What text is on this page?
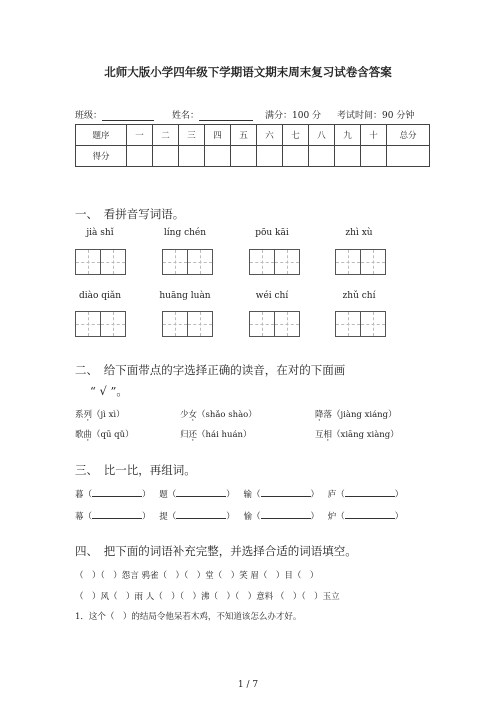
北师大版小学四年级下学期语文期末周末复习试卷含答案
班级：	姓名：	满分：100 分 考试时间：90 分钟
题序	一	二	三	四	五	六	七	八	九	十	总分
得分											
一、　看拼音写词语。
jià shǐ	líng chén	pōu kāi	zhì xù
diào qiǎn	huāng luàn	wéi chí	zhǔ chí
二、　给下面带点的字选择正确的读音，在对的下面画
“ √ ”。
系列（jì xì）	少女（shǎo shào）	降落（jiàng xiáng）
歌曲（qū qǔ）	归还（hái huán）	互相（xiāng xiàng）
三、　比一比，再组词。
暮（	） 题（	） 输（	） 庐（	）
幕（	） 提（	） 愉（	） 炉（	）
四、　把下面的词语补充完整，并选择合适的词语填空。
（　）（　）怨言 鸦雀（　）（　）堂（　）笑 眉（　）目（　）
（　）风（　）雨 人（　）（　）沸（　）（　）意料 （　）（　）玉立
1．这个（　）的结局令他呆若木鸡，不知道该怎么办才好。
1 / 7
